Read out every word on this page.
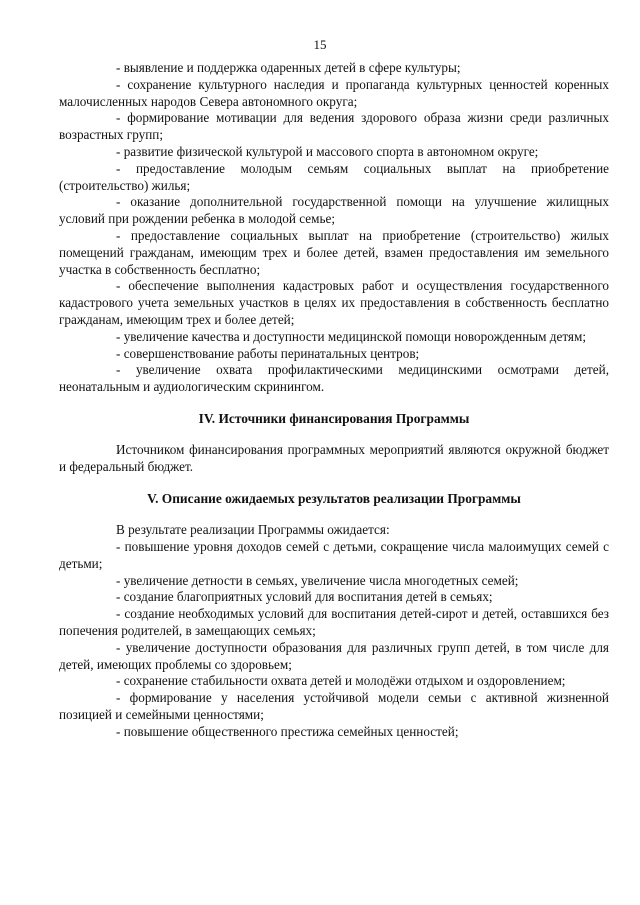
15

- выявление и поддержка одаренных детей в сфере культуры;

- сохранение культурного наследия и пропаганда культурных ценностей коренных малочисленных народов Севера автономного округа;

- формирование мотивации для ведения здорового образа жизни среди различных возрастных групп;

- развитие физической культурой и массового спорта в автономном округе;

- предоставление молодым семьям социальных выплат на приобретение (строительство) жилья;

- оказание дополнительной государственной помощи на улучшение жилищных условий при рождении ребенка в молодой семье;

- предоставление социальных выплат на приобретение (строительство) жилых помещений гражданам, имеющим трех и более детей, взамен предоставления им земельного участка в собственность бесплатно;

- обеспечение выполнения кадастровых работ и осуществления государственного кадастрового учета земельных участков в целях их предоставления в собственность бесплатно гражданам, имеющим трех и более детей;

- увеличение качества и доступности медицинской помощи новорожденным детям;

- совершенствование работы перинатальных центров;

- увеличение охвата профилактическими медицинскими осмотрами детей, неонатальным и аудиологическим скринингом.

IV. Источники финансирования Программы

Источником финансирования программных мероприятий являются окружной бюджет и федеральный бюджет.

V. Описание ожидаемых результатов реализации Программы

В результате реализации Программы ожидается:

- повышение уровня доходов семей с детьми, сокращение числа малоимущих семей с детьми;

- увеличение детности в семьях, увеличение числа многодетных семей;

- создание благоприятных условий для воспитания детей в семьях;

- создание необходимых условий для воспитания детей-сирот и детей, оставшихся без попечения родителей, в замещающих семьях;

- увеличение доступности образования для различных групп детей, в том числе для детей, имеющих проблемы со здоровьем;

- сохранение стабильности охвата детей и молодёжи отдыхом и оздоровлением;

- формирование у населения устойчивой модели семьи с активной жизненной позицией и семейными ценностями;

- повышение общественного престижа семейных ценностей;
